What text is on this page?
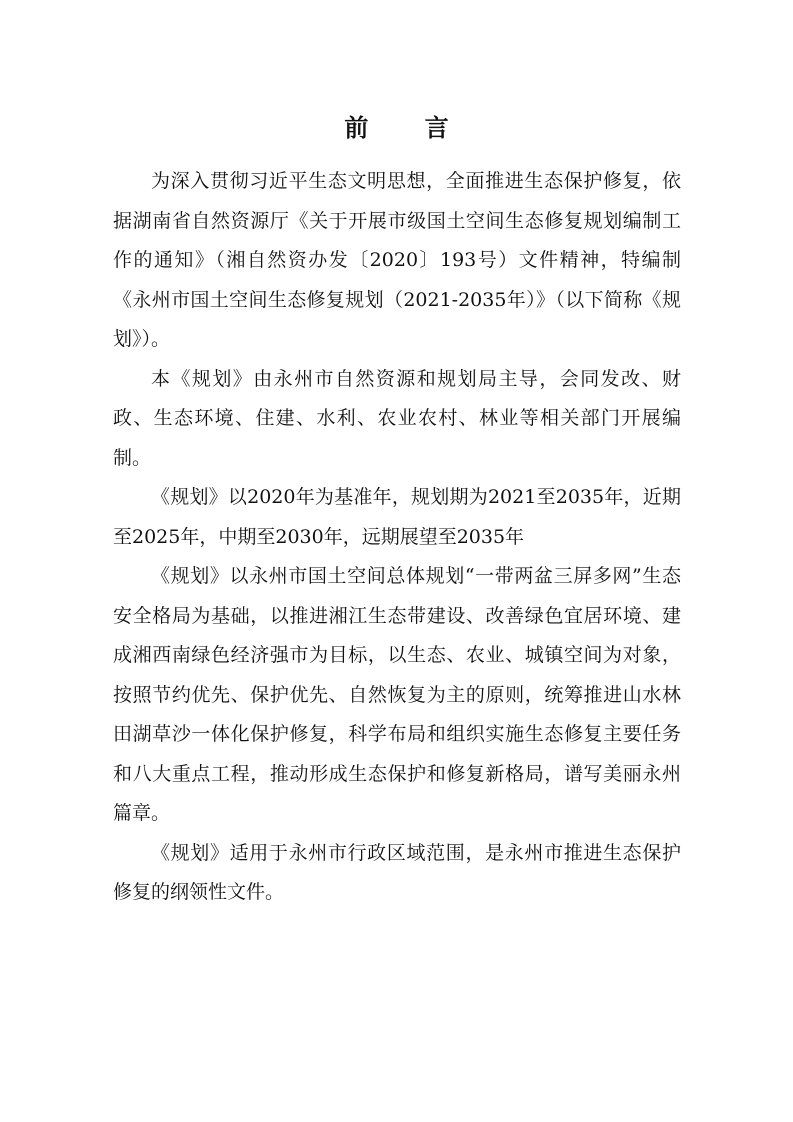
前 言

为深入贯彻习近平生态文明思想，全面推进生态保护修复，依据湖南省自然资源厅《关于开展市级国土空间生态修复规划编制工作的通知》（湘自然资办发〔2020〕193号）文件精神，特编制《永州市国土空间生态修复规划（2021-2035年）》（以下简称《规划》）。

本《规划》由永州市自然资源和规划局主导，会同发改、财政、生态环境、住建、水利、农业农村、林业等相关部门开展编制。

《规划》以2020年为基准年，规划期为2021至2035年，近期至2025年，中期至2030年，远期展望至2035年

《规划》以永州市国土空间总体规划“一带两盆三屏多网”生态安全格局为基础，以推进湘江生态带建设、改善绿色宜居环境、建成湘西南绿色经济强市为目标，以生态、农业、城镇空间为对象，按照节约优先、保护优先、自然恢复为主的原则，统筹推进山水林田湖草沙一体化保护修复，科学布局和组织实施生态修复主要任务和八大重点工程，推动形成生态保护和修复新格局，谱写美丽永州篇章。

《规划》适用于永州市行政区域范围，是永州市推进生态保护修复的纲领性文件。
